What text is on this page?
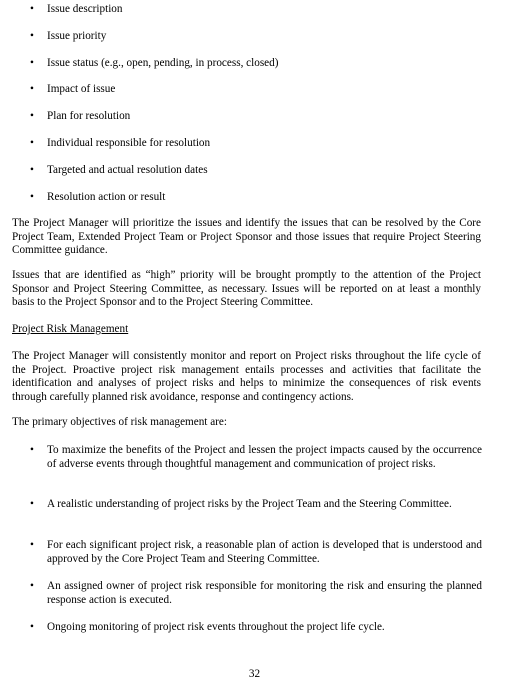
• Issue description
• Issue priority
• Issue status (e.g., open, pending, in process, closed)
• Impact of issue
• Plan for resolution
• Individual responsible for resolution
• Targeted and actual resolution dates
• Resolution action or result

The Project Manager will prioritize the issues and identify the issues that can be resolved by the Core Project Team, Extended Project Team or Project Sponsor and those issues that require Project Steering Committee guidance.

Issues that are identified as “high” priority will be brought promptly to the attention of the Project Sponsor and Project Steering Committee, as necessary. Issues will be reported on at least a monthly basis to the Project Sponsor and to the Project Steering Committee.

Project Risk Management

The Project Manager will consistently monitor and report on Project risks throughout the life cycle of the Project. Proactive project risk management entails processes and activities that facilitate the identification and analyses of project risks and helps to minimize the consequences of risk events through carefully planned risk avoidance, response and contingency actions.

The primary objectives of risk management are:

• To maximize the benefits of the Project and lessen the project impacts caused by the occurrence of adverse events through thoughtful management and communication of project risks.
• A realistic understanding of project risks by the Project Team and the Steering Committee.
• For each significant project risk, a reasonable plan of action is developed that is understood and approved by the Core Project Team and Steering Committee.
• An assigned owner of project risk responsible for monitoring the risk and ensuring the planned response action is executed.
• Ongoing monitoring of project risk events throughout the project life cycle.
32
